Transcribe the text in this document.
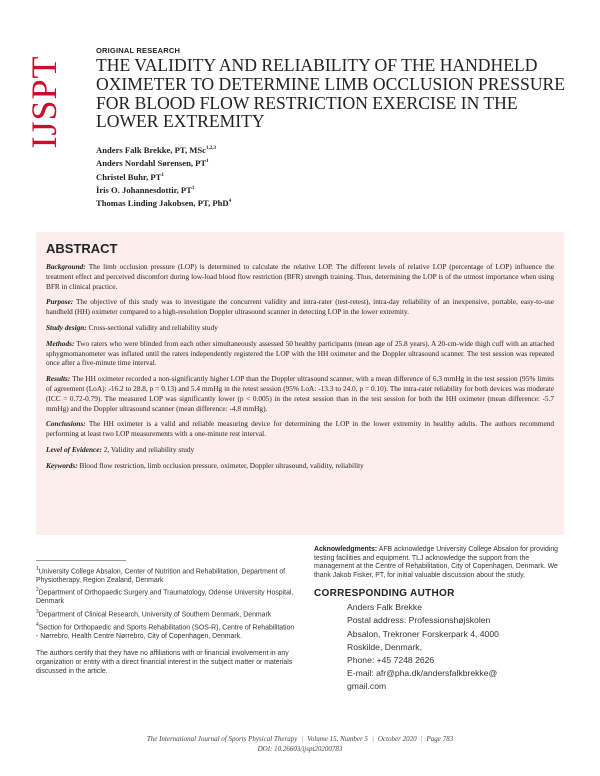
IJSPT
ORIGINAL RESEARCH
THE VALIDITY AND RELIABILITY OF THE HANDHELD OXIMETER TO DETERMINE LIMB OCCLUSION PRESSURE FOR BLOOD FLOW RESTRICTION EXERCISE IN THE LOWER EXTREMITY
Anders Falk Brekke, PT, MSc$^{1,2,3}$
Anders Nordahl Sørensen, $PT^1$
Christel Buhr, $PT^1$
Íris O. Johannesdottir, $PT^1$
Thomas Linding Jakobsen, PT, PhD$^4$
ABSTRACT

Background: The limb occlusion pressure (LOP) is determined to calculate the relative LOP. The different levels of relative LOP (percentage of LOP) influence the treatment effect and perceived discomfort during low-load blood flow restriction (BFR) strength training. Thus, determining the LOP is of the utmost importance when using BFR in clinical practice.

Purpose: The objective of this study was to investigate the concurrent validity and intra-rater (test-retest), intra-day reliability of an inexpensive, portable, easy-to-use handheld (HH) oximeter compared to a high-resolution Doppler ultrasound scanner in detecting LOP in the lower extremity.

Study design: Cross-sectional validity and reliability study

Methods: Two raters who were blinded from each other simultaneously assessed 50 healthy participants (mean age of 25.8 years). A 20-cm-wide thigh cuff with an attached sphygmomanometer was inflated until the raters independently registered the LOP with the HH oximeter and the Doppler ultrasound scanner. The test session was repeated once after a five-minute time interval.

Results: The HH oximeter recorded a non-significantly higher LOP than the Doppler ultrasound scanner, with a mean difference of 6.3 mmHg in the test session (95% limits of agreement (LoA): -16.2 to 28.8, p = 0.13) and 5.4 mmHg in the retest session (95% LoA: -13.3 to 24.0, p = 0.10). The intra-rater reliability for both devices was moderate (ICC = 0.72-0.79). The measured LOP was significantly lower (p < 0.005) in the retest session than in the test session for both the HH oximeter (mean difference: -5.7 mmHg) and the Doppler ultrasound scanner (mean difference: -4.8 mmHg).

Conclusions: The HH oximeter is a valid and reliable measuring device for determining the LOP in the lower extremity in healthy adults. The authors recommend performing at least two LOP measurements with a one-minute rest interval.

Level of Evidence: 2, Validity and reliability study

Keywords: Blood flow restriction, limb occlusion pressure, oximeter, Doppler ultrasound, validity, reliability

$^1$University College Absalon, Center of Nutrition and Rehabilitation, Department of Physiotherapy, Region Zealand, Denmark
$^2$Department of Orthopaedic Surgery and Traumatology, Odense University Hospital, Denmark
$^3$Department of Clinical Research, University of Southern Denmark, Denmark
$^4$Section for Orthopaedic and Sports Rehabilitation (SOS-R), Centre of Rehabilitation - Nørrebro, Health Centre Nørrebro, City of Copenhagen, Denmark.
The authors certify that they have no affiliations with or financial involvement in any organization or entity with a direct financial interest in the subject matter or materials discussed in the article.

Acknowledgments: AFB acknowledge University College Absalon for providing testing facilities and equipment. TLJ acknowledge the support from the management at the Centre of Rehabilitation, City of Copenhagen, Denmark. We thank Jakob Fisker, PT, for initial valuable discussion about the study.

CORRESPONDING AUTHOR
Anders Falk Brekke
Postal address: Professionshøjskolen
Absalon, Trekroner Forskerpark 4, 4000
Roskilde, Denmark,
Phone: +45 7248 2626
E-mail: afr@pha.dk/andersfalkbrekke@
gmail.com
The International Journal of Sports Physical Therapy | Volume 15, Number 5 | October 2020 | Page 783
DOI: 10.26603/ijspt20200783
